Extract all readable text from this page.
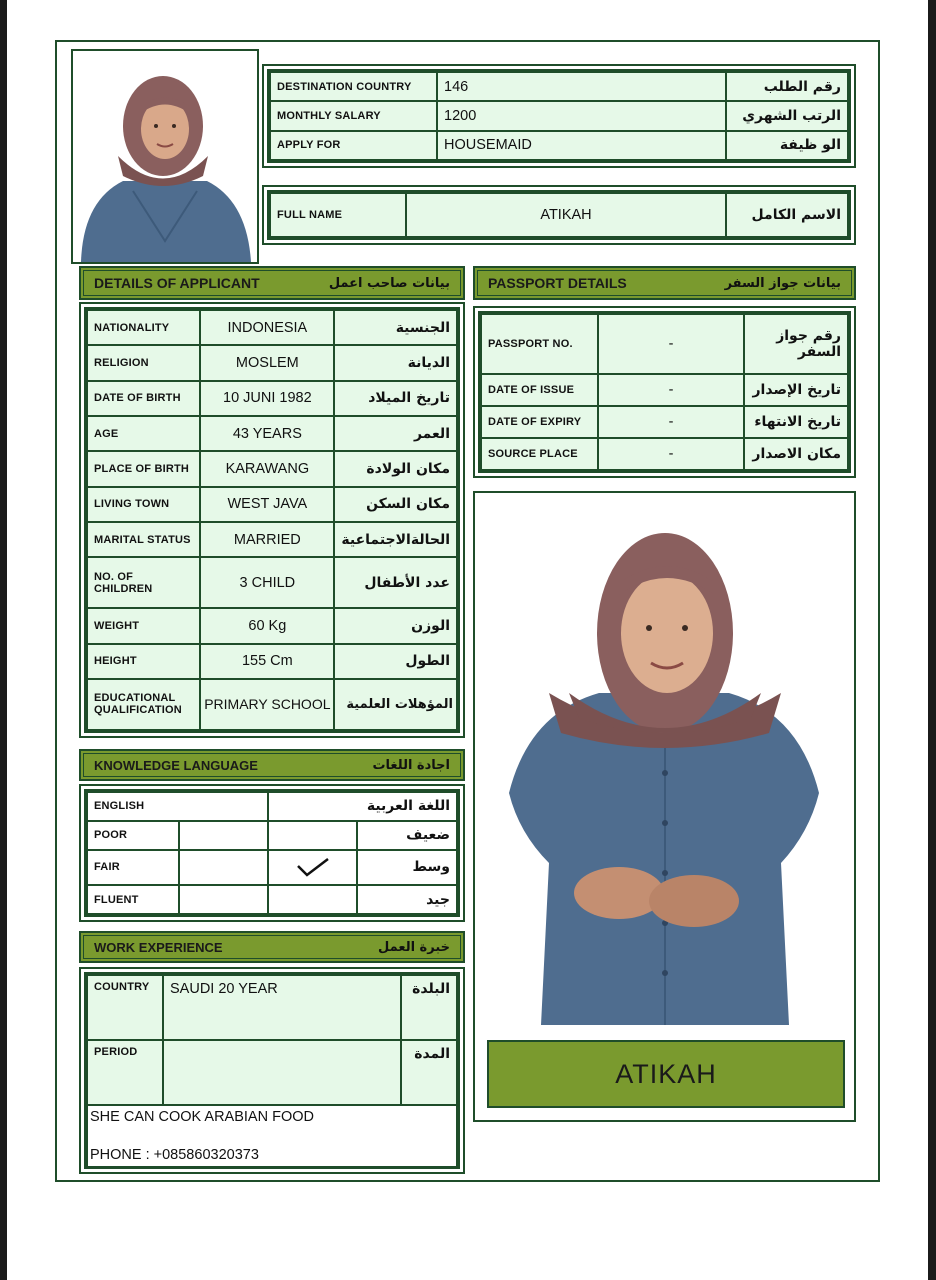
DESTINATION COUNTRY	146	رقم الطلب
MONTHLY SALARY	1200	الرتب الشهري
APPLY FOR	HOUSEMAID	الو ظيفة
FULL NAME	ATIKAH	الاسم الكامل
DETAILS OF APPLICANT	بيانات صاحب اعمل
NATIONALITY	INDONESIA	الجنسية
RELIGION	MOSLEM	الديانة
DATE OF BIRTH	10 JUNI 1982	تاريخ الميلاد
AGE	43 YEARS	العمر
PLACE OF BIRTH	KARAWANG	مكان الولادة
LIVING TOWN	WEST JAVA	مكان السكن
MARITAL STATUS	MARRIED	الحالةالاجتماعية
NO. OF CHILDREN	3 CHILD	عدد الأطفال
WEIGHT	60 Kg	الوزن
HEIGHT	155 Cm	الطول
EDUCATIONAL QUALIFICATION	PRIMARY SCHOOL	المؤهلات العلمية
PASSPORT DETAILS	بيانات جواز السفر
PASSPORT NO.	-	رقم جواز السفر
DATE OF ISSUE	-	تاريخ الإصدار
DATE OF EXPIRY	-	تاريخ الانتهاء
SOURCE PLACE	-	مكان الاصدار
ATIKAH
KNOWLEDGE LANGUAGE	اجادة اللغات
ENGLISH		اللغة العربية	
POOR			ضعيف
FAIR			وسط
FLUENT			جيد
WORK EXPERIENCE	خبرة العمل
COUNTRY	SAUDI 20 YEAR	البلدة
PERIOD		المدة

SHE CAN COOK ARABIAN FOOD
PHONE : +085860320373		
